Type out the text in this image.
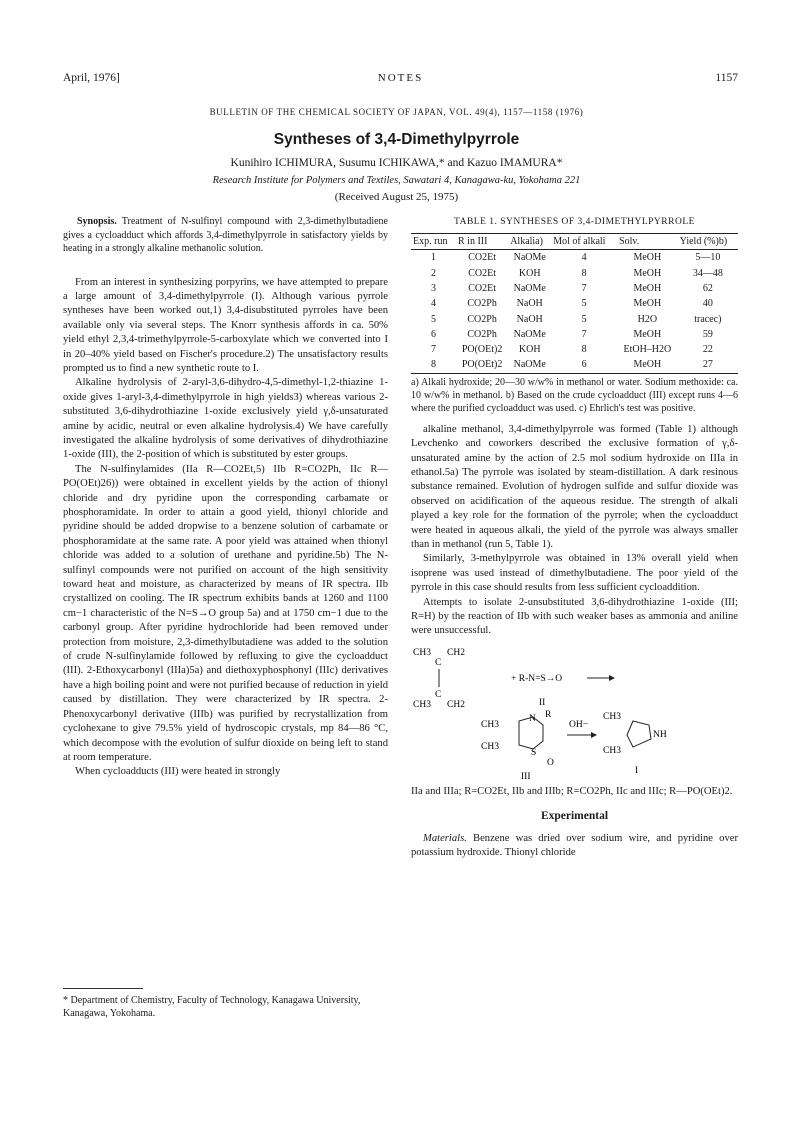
April, 1976]	NOTES	1157
BULLETIN OF THE CHEMICAL SOCIETY OF JAPAN, VOL. 49(4), 1157—1158 (1976)
Syntheses of 3,4-Dimethylpyrrole
Kunihiro ICHIMURA, Susumu ICHIKAWA,* and Kazuo IMAMURA*
Research Institute for Polymers and Textiles, Sawatari 4, Kanagawa-ku, Yokohama 221
(Received August 25, 1975)
Synopsis. Treatment of N-sulfinyl compound with 2,3-dimethylbutadiene gives a cycloadduct which affords 3,4-dimethylpyrrole in satisfactory yields by heating in a strongly alkaline methanolic solution.

From an interest in synthesizing porpyrins, we have attempted to prepare a large amount of 3,4-dimethylpyrrole (I). Although various pyrrole syntheses have been worked out,1) 3,4-disubstituted pyrroles have been available only via several steps. The Knorr synthesis affords in ca. 50% yield ethyl 2,3,4-trimethylpyrrole-5-carboxylate which we converted into I in 20–40% yield based on Fischer's procedure.2) The unsatisfactory results prompted us to find a new synthetic route to I.

Alkaline hydrolysis of 2-aryl-3,6-dihydro-4,5-dimethyl-1,2-thiazine 1-oxide gives 1-aryl-3,4-dimethylpyrrole in high yields3) whereas various 2-substituted 3,6-dihydrothiazine 1-oxide exclusively yield γ,δ-unsaturated amine by acidic, neutral or even alkaline hydrolysis.4) We have carefully investigated the alkaline hydrolysis of some derivatives of dihydrothiazine 1-oxide (III), the 2-position of which is substituted by ester groups.

The N-sulfinylamides (IIa R—CO2Et,5) IIb R=CO2Ph, IIc R—PO(OEt)26)) were obtained in excellent yields by the action of thionyl chloride and dry pyridine upon the corresponding carbamate or phosphoramidate. In order to attain a good yield, thionyl chloride and pyridine should be added dropwise to a benzene solution of carbamate or phosphoramidate at the same rate. A poor yield was attained when thionyl chloride was added to a solution of urethane and pyridine.5b) The N-sulfinyl compounds were not purified on account of the high sensitivity toward heat and moisture, as characterized by means of IR spectra. IIb crystallized on cooling. The IR spectrum exhibits bands at 1260 and 1100 cm−1 characteristic of the N=S→O group 5a) and at 1750 cm−1 due to the carbonyl group. After pyridine hydrochloride had been removed under protection from moisture, 2,3-dimethylbutadiene was added to the solution of crude N-sulfinylamide followed by refluxing to give the cycloadduct (III). 2-Ethoxycarbonyl (IIIa)5a) and diethoxyphosphonyl (IIIc) derivatives have a high boiling point and were not purified because of reduction in yield caused by distillation. They were characterized by IR spectra. 2-Phenoxycarbonyl derivative (IIIb) was purified by recrystallization from cyclohexane to give 79.5% yield of hydroscopic crystals, mp 84—86 °C, which decompose with the evolution of sulfur dioxide on being left to stand at room temperature.

When cycloadducts (III) were heated in strongly

* Department of Chemistry, Faculty of Technology, Kanagawa University, Kanagawa, Yokohama.
TABLE 1. SYNTHESES OF 3,4-DIMETHYLPYRROLE
Exp. run	R in III	Alkalia)	Mol of alkali	Solv.	Yield (%)b)
1	CO2Et	NaOMe	4	MeOH	5—10
2	CO2Et	KOH	8	MeOH	34—48
3	CO2Et	NaOMe	7	MeOH	62
4	CO2Ph	NaOH	5	MeOH	40
5	CO2Ph	NaOH	5	H2O	tracec)
6	CO2Ph	NaOMe	7	MeOH	59
7	PO(OEt)2	KOH	8	EtOH–H2O	22
8	PO(OEt)2	NaOMe	6	MeOH	27
a) Alkali hydroxide; 20—30 w/w% in methanol or water. Sodium methoxide: ca. 10 w/w% in methanol. b) Based on the crude cycloadduct (III) except runs 4—6 where the purified cycloadduct was used. c) Ehrlich's test was positive.

alkaline methanol, 3,4-dimethylpyrrole was formed (Table 1) although Levchenko and coworkers described the exclusive formation of γ,δ-unsaturated amine by the action of 2.5 mol sodium hydroxide on IIIa in ethanol.5a) The pyrrole was isolated by steam-distillation. A dark resinous substance remained. Evolution of hydrogen sulfide and sulfur dioxide was observed on acidification of the aqueous residue. The strength of alkali played a key role for the formation of the pyrrole; when the cycloadduct were heated in aqueous alkali, the yield of the pyrrole was always smaller than in methanol (run 5, Table 1).

Similarly, 3-methylpyrrole was obtained in 13% overall yield when isoprene was used instead of dimethylbutadiene. The poor yield of the pyrrole in this case should results from less sufficient cycloaddition.

Attempts to isolate 2-unsubstituted 3,6-dihydrothiazine 1-oxide (III; R=H) by the reaction of IIb with such weaker bases as ammonia and aniline were unsuccessful.

CH3 CH2
C
C
CH3 CH2
+ R-N=S→O
II
CH3
CH3
N R
S
O
III
OH−
CH3
CH3
NH
I
IIa and IIIa; R=CO2Et, IIb and IIIb; R=CO2Ph, IIc and IIIc; R—PO(OEt)2.
Experimental

Materials. Benzene was dried over sodium wire, and pyridine over potassium hydroxide. Thionyl chloride
